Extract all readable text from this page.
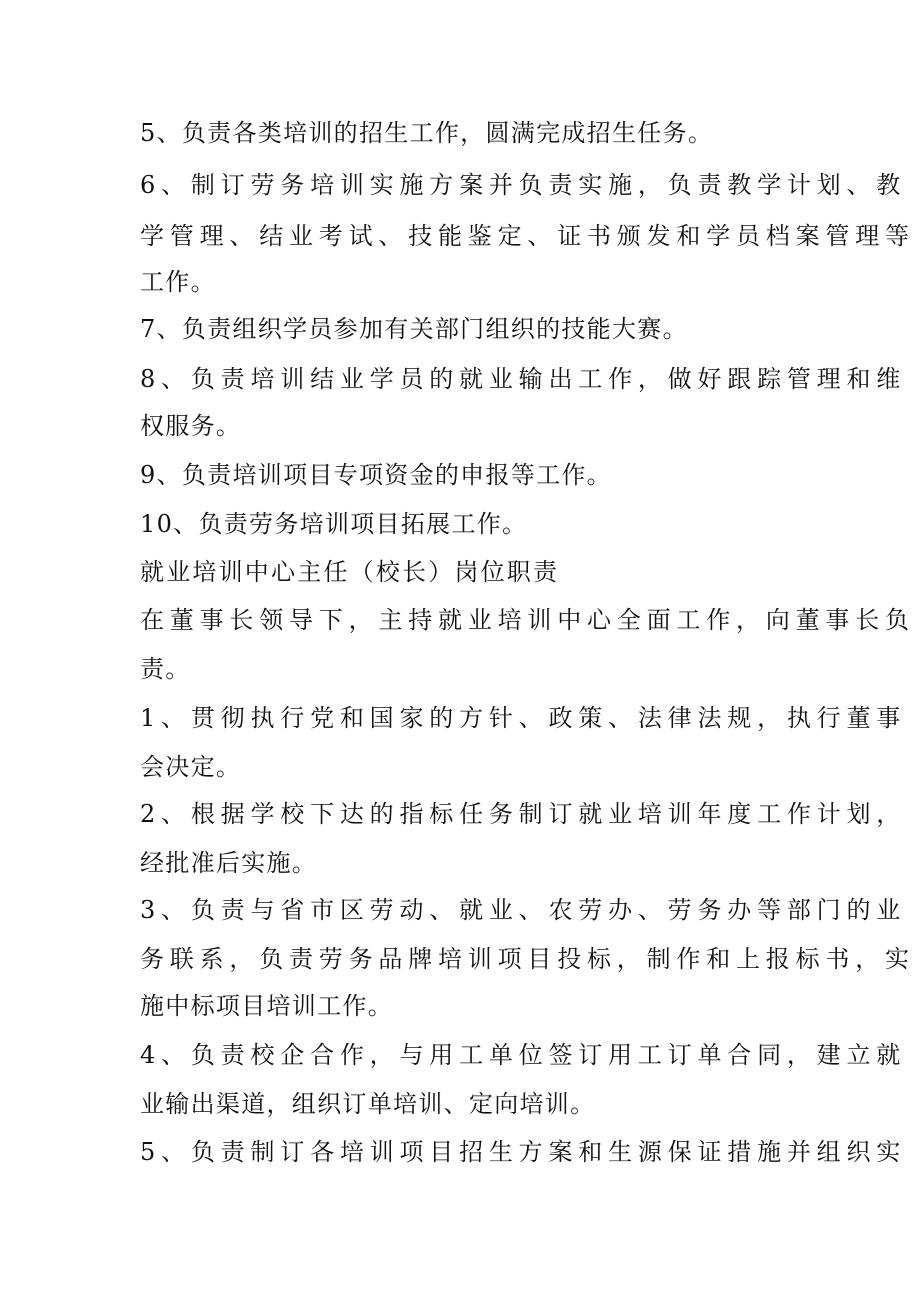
5、负责各类培训的招生工作，圆满完成招生任务。
6、制订劳务培训实施方案并负责实施，负责教学计划、教
学管理、结业考试、技能鉴定、证书颁发和学员档案管理等
工作。
7、负责组织学员参加有关部门组织的技能大赛。
8、负责培训结业学员的就业输出工作，做好跟踪管理和维
权服务。
9、负责培训项目专项资金的申报等工作。
10、负责劳务培训项目拓展工作。
就业培训中心主任（校长）岗位职责
在董事长领导下，主持就业培训中心全面工作，向董事长负
责。
1、贯彻执行党和国家的方针、政策、法律法规，执行董事
会决定。
2、根据学校下达的指标任务制订就业培训年度工作计划，
经批准后实施。
3、负责与省市区劳动、就业、农劳办、劳务办等部门的业
务联系，负责劳务品牌培训项目投标，制作和上报标书，实
施中标项目培训工作。
4、负责校企合作，与用工单位签订用工订单合同，建立就
业输出渠道，组织订单培训、定向培训。
5、负责制订各培训项目招生方案和生源保证措施并组织实
